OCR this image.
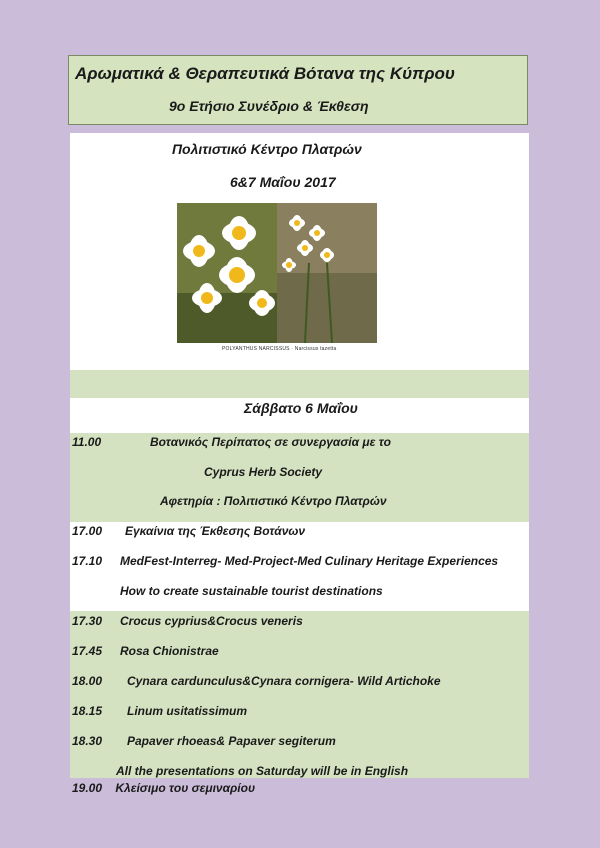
Αρωματικά & Θεραπευτικά Βότανα της Κύπρου
9ο Ετήσιο Συνέδριο & Έκθεση
Πολιτιστικό Κέντρο Πλατρών
6&7 Μαΐου 2017
POLYANTHUS NARCISSUS · Narcissus tazetta
Σάββατο 6 Μαΐου
11.00	Βοτανικός Περίπατος σε συνεργασία με το
Cyprus Herb Society
Αφετηρία : Πολιτιστικό Κέντρο Πλατρών
17.00 Εγκαίνια της Έκθεσης Βοτάνων
17.10 MedFest-Interreg- Med-Project-Med Culinary Heritage Experiences
How to create sustainable tourist destinations
17.30 Crocus cyprius&Crocus veneris
17.45 Rosa Chionistrae
18.00 Cynara cardunculus&Cynara cornigera- Wild Artichoke
18.15 Linum usitatissimum
18.30 Papaver rhoeas& Papaver segiterum
All the presentations on Saturday will be in English
19.00 Κλείσιμο του σεμιναρίου
